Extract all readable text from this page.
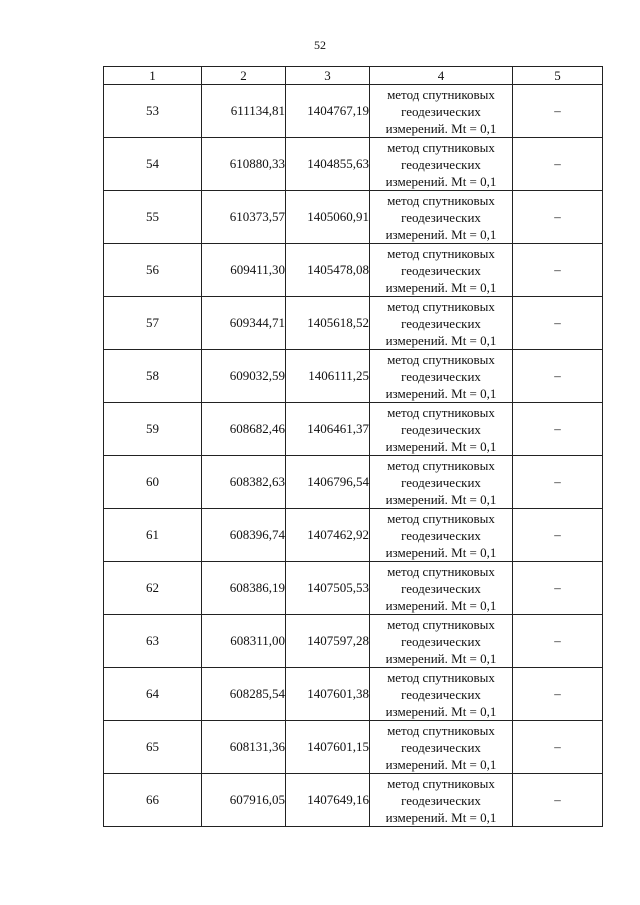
52
1	2	3	4	5
53	611134,81	1404767,19	метод спутниковых
геодезических
измерений. Mt = 0,1	–
54	610880,33	1404855,63	метод спутниковых
геодезических
измерений. Mt = 0,1	–
55	610373,57	1405060,91	метод спутниковых
геодезических
измерений. Mt = 0,1	–
56	609411,30	1405478,08	метод спутниковых
геодезических
измерений. Mt = 0,1	–
57	609344,71	1405618,52	метод спутниковых
геодезических
измерений. Mt = 0,1	–
58	609032,59	1406111,25	метод спутниковых
геодезических
измерений. Mt = 0,1	–
59	608682,46	1406461,37	метод спутниковых
геодезических
измерений. Mt = 0,1	–
60	608382,63	1406796,54	метод спутниковых
геодезических
измерений. Mt = 0,1	–
61	608396,74	1407462,92	метод спутниковых
геодезических
измерений. Mt = 0,1	–
62	608386,19	1407505,53	метод спутниковых
геодезических
измерений. Mt = 0,1	–
63	608311,00	1407597,28	метод спутниковых
геодезических
измерений. Mt = 0,1	–
64	608285,54	1407601,38	метод спутниковых
геодезических
измерений. Mt = 0,1	–
65	608131,36	1407601,15	метод спутниковых
геодезических
измерений. Mt = 0,1	–
66	607916,05	1407649,16	метод спутниковых
геодезических
измерений. Mt = 0,1	–
